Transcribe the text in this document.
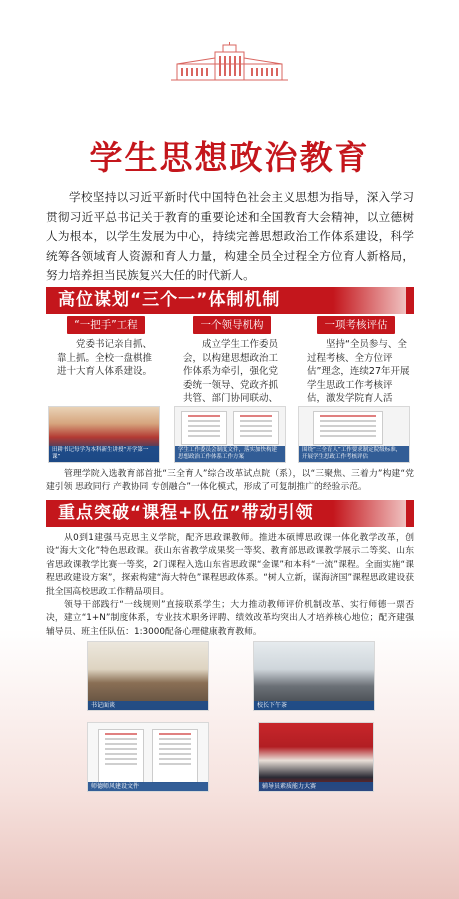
学生思想政治教育
学校坚持以习近平新时代中国特色社会主义思想为指导，深入学习贯彻习近平总书记关于教育的重要论述和全国教育大会精神，以立德树人为根本，以学生发展为中心，持续完善思想政治工作体系建设，科学统筹各领域育人资源和育人力量，构建全员全过程全方位育人新格局，努力培养担当民族复兴大任的时代新人。
高位谋划“三个一”体制机制
“一把手”工程
党委书记亲自抓、靠上抓。全校一盘棋推进十大育人体系建设。
田耕书记每学为本科新生讲授“开学第一课”
一个领导机构
成立学生工作委员会，以构建思想政治工作体系为牵引，强化党委统一领导、党政齐抓共管、部门协同联动、
学生工作委员会制度文件，落实加快构建思想政治工作体系工作方案
一项考核评估
坚持“全员参与、全过程考核、全方位评估”理念，连续27年开展学生思政工作考核评估，激发学院育人活
围绕“三全育人”工作要求制定院级标准，开展学生思政工作考核评估
管理学院入选教育部首批“三全育人”综合改革试点院（系），以“三聚焦、三着力”构建“党建引领 思政同行 产教协同 专创融合”一体化模式，形成了可复制推广的经验示范。
重点突破“课程+队伍”带动引领
从0到1建强马克思主义学院，配齐思政课教师。推进本硕博思政课一体化教学改革，创设“海大文化”特色思政课。获山东省教学成果奖一等奖、教育部思政课教学展示二等奖、山东省思政课教学比赛一等奖，2门课程入选山东省思政课“金课”和本科“一流”课程。全面实施“课程思政建设方案”，探索构建“海大特色”课程思政体系。“树人立新，谋海济国”课程思政建设获批全国高校思政工作精品项目。
领导干部践行“一线规则”直接联系学生；大力推动教师评价机制改革、实行师德一票否决，建立“1+N”制度体系，专业技术职务评聘、绩效改革均突出人才培养核心地位；配齐建强辅导员、班主任队伍：1:3000配备心理健康教育教师。
书记面谈	校长下午茶
师德师风建设文件	辅导员素质能力大赛
